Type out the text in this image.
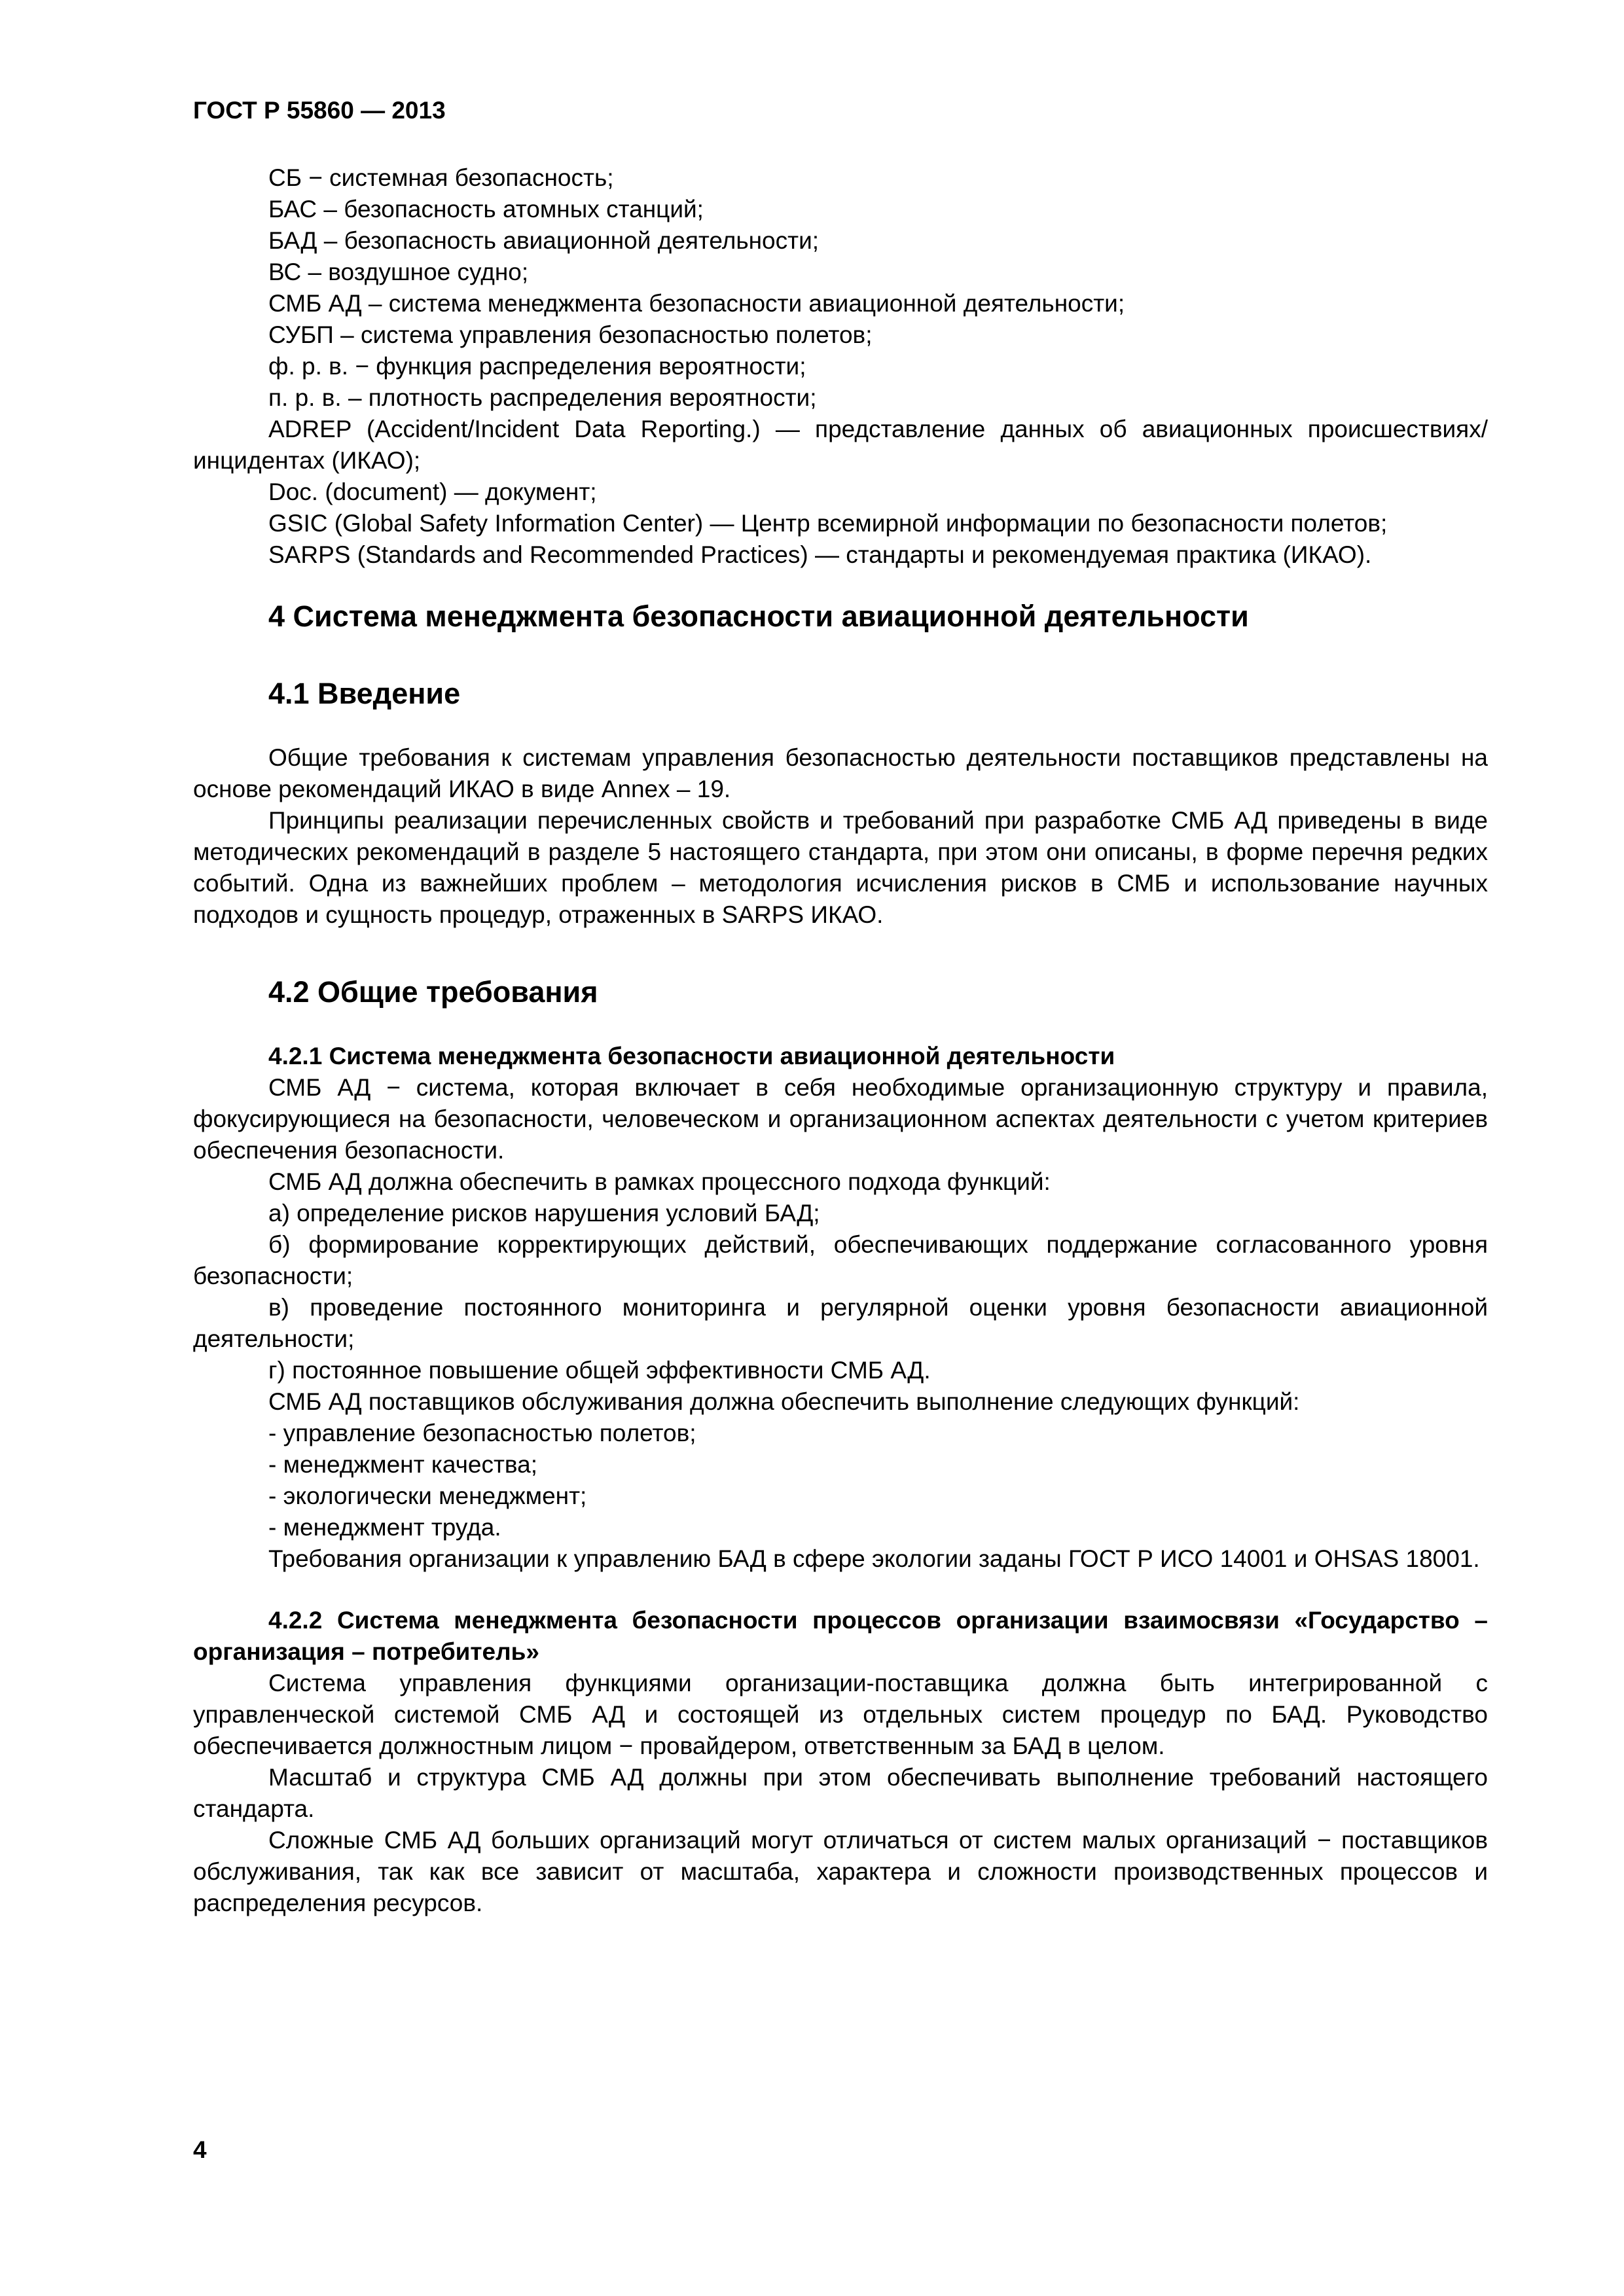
ГОСТ Р 55860 — 2013

СБ − системная безопасность;

БАС – безопасность атомных станций;

БАД – безопасность авиационной деятельности;

ВС – воздушное судно;

СМБ АД – система менеджмента безопасности авиационной деятельности;

СУБП – система управления безопасностью полетов;

ф. р. в. − функция распределения вероятности;

п. р. в. – плотность распределения вероятности;

ADREP (Accident/Incident Data Reporting.) — представление данных об авиационных происшествиях/инцидентах (ИКАО);

Doc. (document) — документ;

GSIC (Global Safety Information Center) — Центр всемирной информации по безопасности полетов;

SARPS (Standards and Recommended Practices) — стандарты и рекомендуемая практика (ИКАО).

4 Система менеджмента безопасности авиационной деятельности
4.1 Введение

Общие требования к системам управления безопасностью деятельности поставщиков представлены на основе рекомендаций ИКАО в виде Annex – 19.

Принципы реализации перечисленных свойств и требований при разработке СМБ АД приведены в виде методических рекомендаций в разделе 5 настоящего стандарта, при этом они описаны, в форме перечня редких событий. Одна из важнейших проблем – методология исчисления рисков в СМБ и использование научных подходов и сущность процедур, отраженных в SARPS ИКАО.

4.2 Общие требования
4.2.1 Система менеджмента безопасности авиационной деятельности

СМБ АД − система, которая включает в себя необходимые организационную структуру и правила, фокусирующиеся на безопасности, человеческом и организационном аспектах деятельности с учетом критериев обеспечения безопасности.

СМБ АД должна обеспечить в рамках процессного подхода функций:

а) определение рисков нарушения условий БАД;

б) формирование корректирующих действий, обеспечивающих поддержание согласованного уровня безопасности;

в) проведение постоянного мониторинга и регулярной оценки уровня безопасности авиационной деятельности;

г) постоянное повышение общей эффективности СМБ АД.

СМБ АД поставщиков обслуживания должна обеспечить выполнение следующих функций:

- управление безопасностью полетов;

- менеджмент качества;

- экологически менеджмент;

- менеджмент труда.

Требования организации к управлению БАД в сфере экологии заданы ГОСТ Р ИСО 14001 и OHSAS 18001.

4.2.2 Система менеджмента безопасности процессов организации взаимосвязи «Государство – организация – потребитель»

Система управления функциями организации-поставщика должна быть интегрированной с управленческой системой СМБ АД и состоящей из отдельных систем процедур по БАД. Руководство обеспечивается должностным лицом − провайдером, ответственным за БАД в целом.

Масштаб и структура СМБ АД должны при этом обеспечивать выполнение требований настоящего стандарта.

Сложные СМБ АД больших организаций могут отличаться от систем малых организаций − поставщиков обслуживания, так как все зависит от масштаба, характера и сложности производственных процессов и распределения ресурсов.

4
